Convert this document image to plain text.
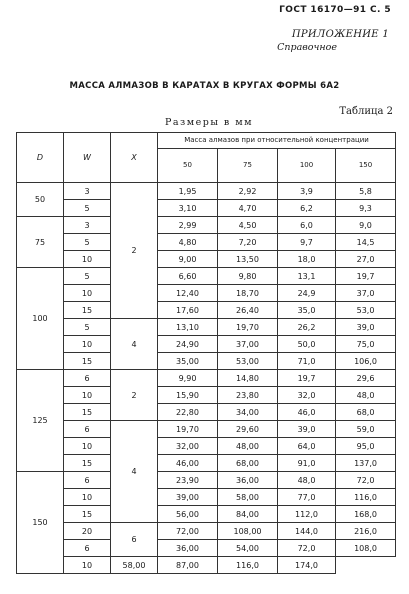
ГОСТ 16170—91 С. 5
ПРИЛОЖЕНИЕ 1
Справочное
МАССА АЛМАЗОВ В КАРАТАХ В КРУГАХ ФОРМЫ 6А2
Таблица 2
Размеры в мм
D	W	X	Масса алмазов при относительной концентрации			
			50	75	100	150
50	3	2	1,95	2,92	3,9	5,8
	5		3,10	4,70	6,2	9,3
75	3		2,99	4,50	6,0	9,0
	5		4,80	7,20	9,7	14,5
	10		9,00	13,50	18,0	27,0
100	5		6,60	9,80	13,1	19,7
	10		12,40	18,70	24,9	37,0
	15		17,60	26,40	35,0	53,0
	5	4	13,10	19,70	26,2	39,0
	10		24,90	37,00	50,0	75,0
	15		35,00	53,00	71,0	106,0
125	6	2	9,90	14,80	19,7	29,6
	10		15,90	23,80	32,0	48,0
	15		22,80	34,00	46,0	68,0
	6	4	19,70	29,60	39,0	59,0
	10		32,00	48,00	64,0	95,0
	15		46,00	68,00	91,0	137,0
150	6		23,90	36,00	48,0	72,0
	10		39,00	58,00	77,0	116,0
	15		56,00	84,00	112,0	168,0
	20	6	72,00	108,00	144,0	216,0
	6		36,00	54,00	72,0	108,0
	10	58,00	87,00	116,0	174,0	
